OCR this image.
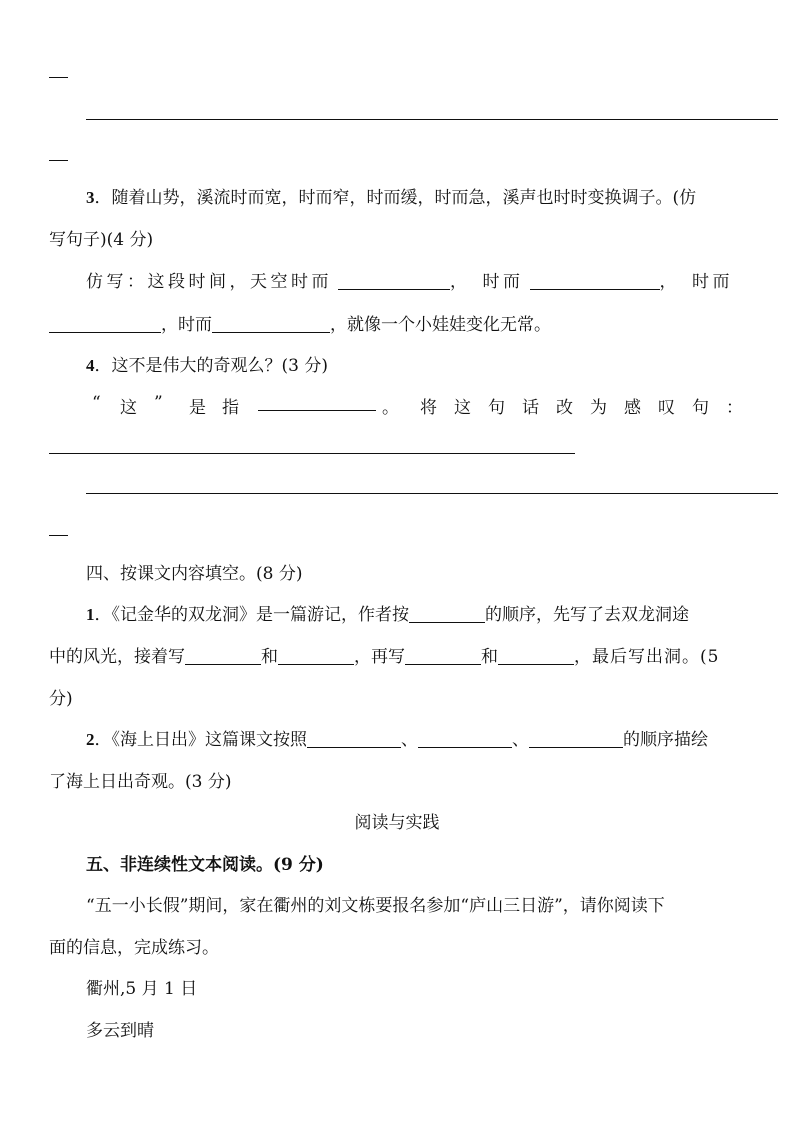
3．随着山势，溪流时而宽，时而窄，时而缓，时而急，溪声也时时变换调子。(仿
写句子)(4 分)
仿写：这段时间，天空时而	， 时而	， 时而
，时而	，就像一个小娃娃变化无常。
4．这不是伟大的奇观么？(3 分)
“ 这 ” 是 指	。 将 这 句 话 改 为 感 叹 句 ：
四、按课文内容填空。(8 分)
1．《记金华的双龙洞》是一篇游记，作者按	的顺序，先写了去双龙洞途
中的风光，接着写	和	，再写	和	，最后写出洞。(5
分)
2．《海上日出》这篇课文按照	、	、	的顺序描绘
了海上日出奇观。(3 分)
阅读与实践
五、非连续性文本阅读。(9 分)
“五一小长假”期间，家在衢州的刘文栋要报名参加“庐山三日游”，请你阅读下
面的信息，完成练习。
衢州,5 月 1 日
多云到晴
